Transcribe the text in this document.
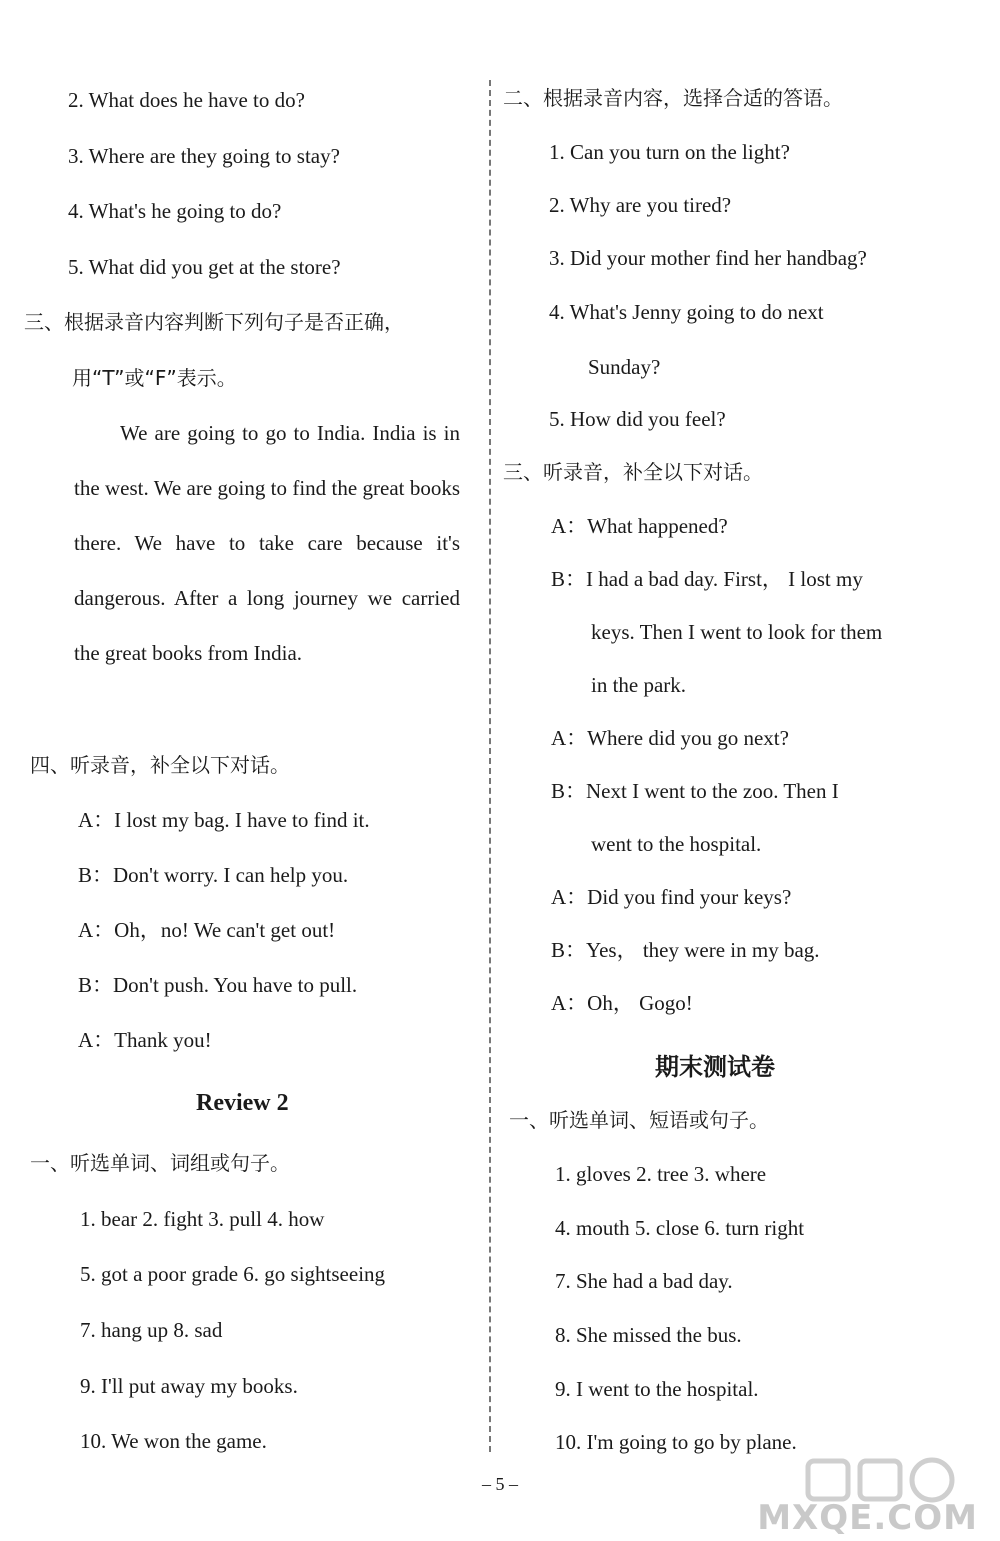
2. What does he have to do?
3. Where are they going to stay?
4. What's he going to do?
5. What did you get at the store?
三、根据录音内容判断下列句子是否正确，
用“T”或“F”表示。
We are going to go to India. India is in the west. We are going to find the great books there. We have to take care because it's dangerous. After a long journey we carried the great books from India.
四、听录音，补全以下对话。
A：I lost my bag. I have to find it.
B：Don't worry. I can help you.
A：Oh，no! We can't get out!
B：Don't push. You have to pull.
A：Thank you!
Review 2
一、听选单词、词组或句子。
1. bear 2. fight 3. pull 4. how
5. got a poor grade 6. go sightseeing
7. hang up 8. sad
9. I'll put away my books.
10. We won the game.
二、根据录音内容，选择合适的答语。
1. Can you turn on the light?
2. Why are you tired?
3. Did your mother find her handbag?
4. What's Jenny going to do next
Sunday?
5. How did you feel?
三、听录音，补全以下对话。
A：What happened?
B：I had a bad day. First， I lost my
keys. Then I went to look for them
in the park.
A：Where did you go next?
B：Next I went to the zoo. Then I
went to the hospital.
A：Did you find your keys?
B：Yes， they were in my bag.
A：Oh， Gogo!
期末测试卷
一、听选单词、短语或句子。
1. gloves 2. tree 3. where
4. mouth 5. close 6. turn right
7. She had a bad day.
8. She missed the bus.
9. I went to the hospital.
10. I'm going to go by plane.
– 5 –
MXQE.COM
